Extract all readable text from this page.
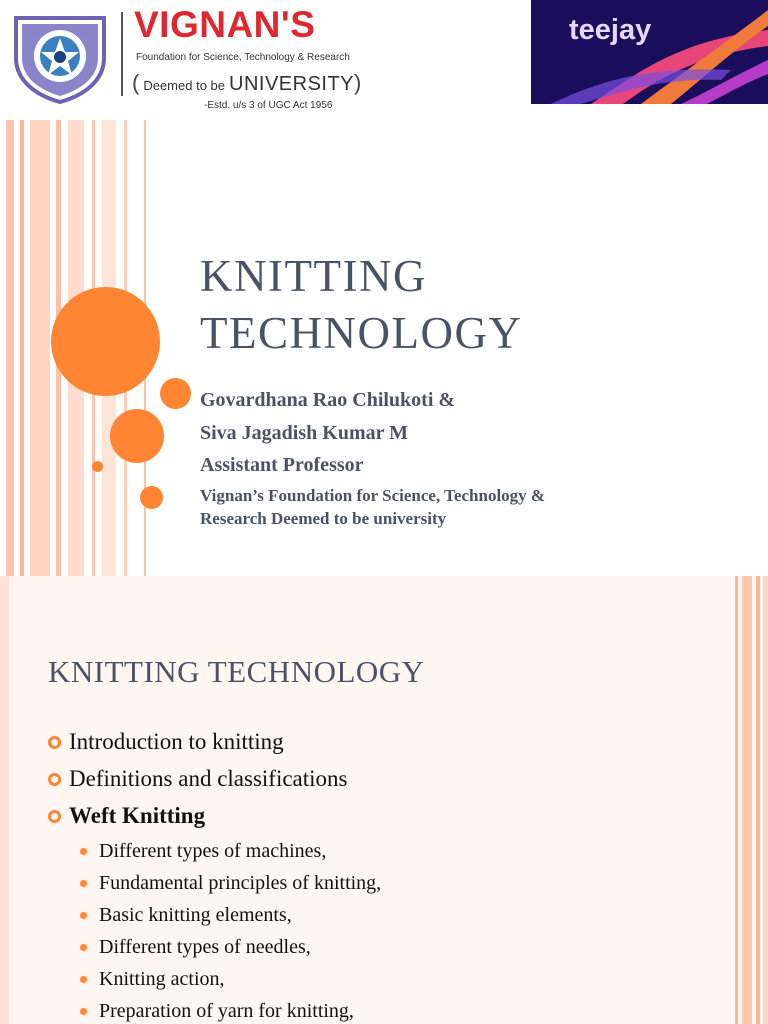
VIGNAN'S
Foundation for Science, Technology & Research
( Deemed to be UNIVERSITY )
-Estd. u/s 3 of UGC Act 1956
teejay
KNITTING
TECHNOLOGY
Govardhana Rao Chilukoti &
Siva Jagadish Kumar M
Assistant Professor
Vignan’s Foundation for Science, Technology &
Research Deemed to be university
KNITTING TECHNOLOGY
Introduction to knitting
Definitions and classifications
Weft Knitting
Different types of machines,
Fundamental principles of knitting,
Basic knitting elements,
Different types of needles,
Knitting action,
Preparation of yarn for knitting,
